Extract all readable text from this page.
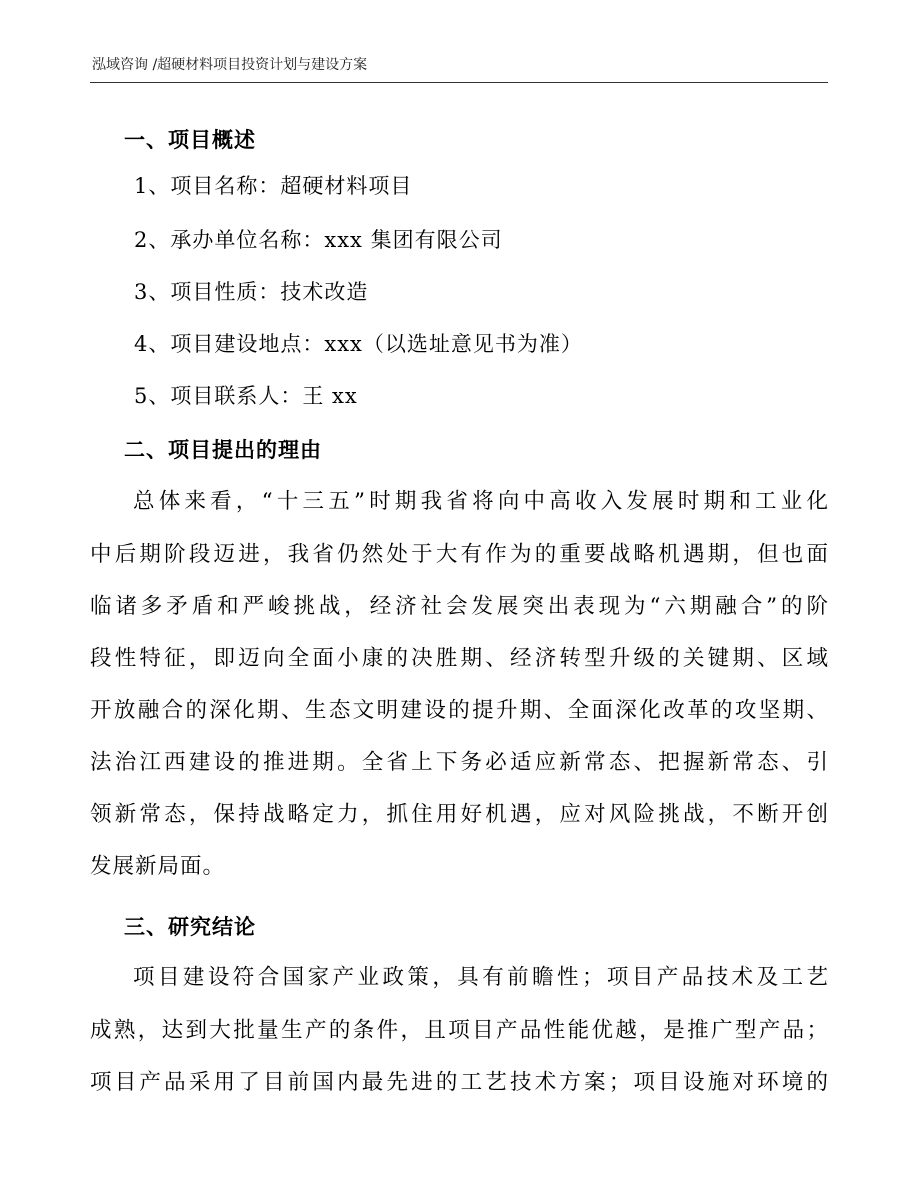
泓域咨询 /超硬材料项目投资计划与建设方案
一、项目概述
1、项目名称：超硬材料项目
2、承办单位名称：xxx 集团有限公司
3、项目性质：技术改造
4、项目建设地点：xxx（以选址意见书为准）
5、项目联系人：王 xx
二、项目提出的理由
总体来看，“十三五”时期我省将向中高收入发展时期和工业化
中后期阶段迈进，我省仍然处于大有作为的重要战略机遇期，但也面
临诸多矛盾和严峻挑战，经济社会发展突出表现为“六期融合”的阶
段性特征，即迈向全面小康的决胜期、经济转型升级的关键期、区域
开放融合的深化期、生态文明建设的提升期、全面深化改革的攻坚期、
法治江西建设的推进期。全省上下务必适应新常态、把握新常态、引
领新常态，保持战略定力，抓住用好机遇，应对风险挑战，不断开创
发展新局面。
三、研究结论
项目建设符合国家产业政策，具有前瞻性；项目产品技术及工艺
成熟，达到大批量生产的条件，且项目产品性能优越，是推广型产品；
项目产品采用了目前国内最先进的工艺技术方案；项目设施对环境的
